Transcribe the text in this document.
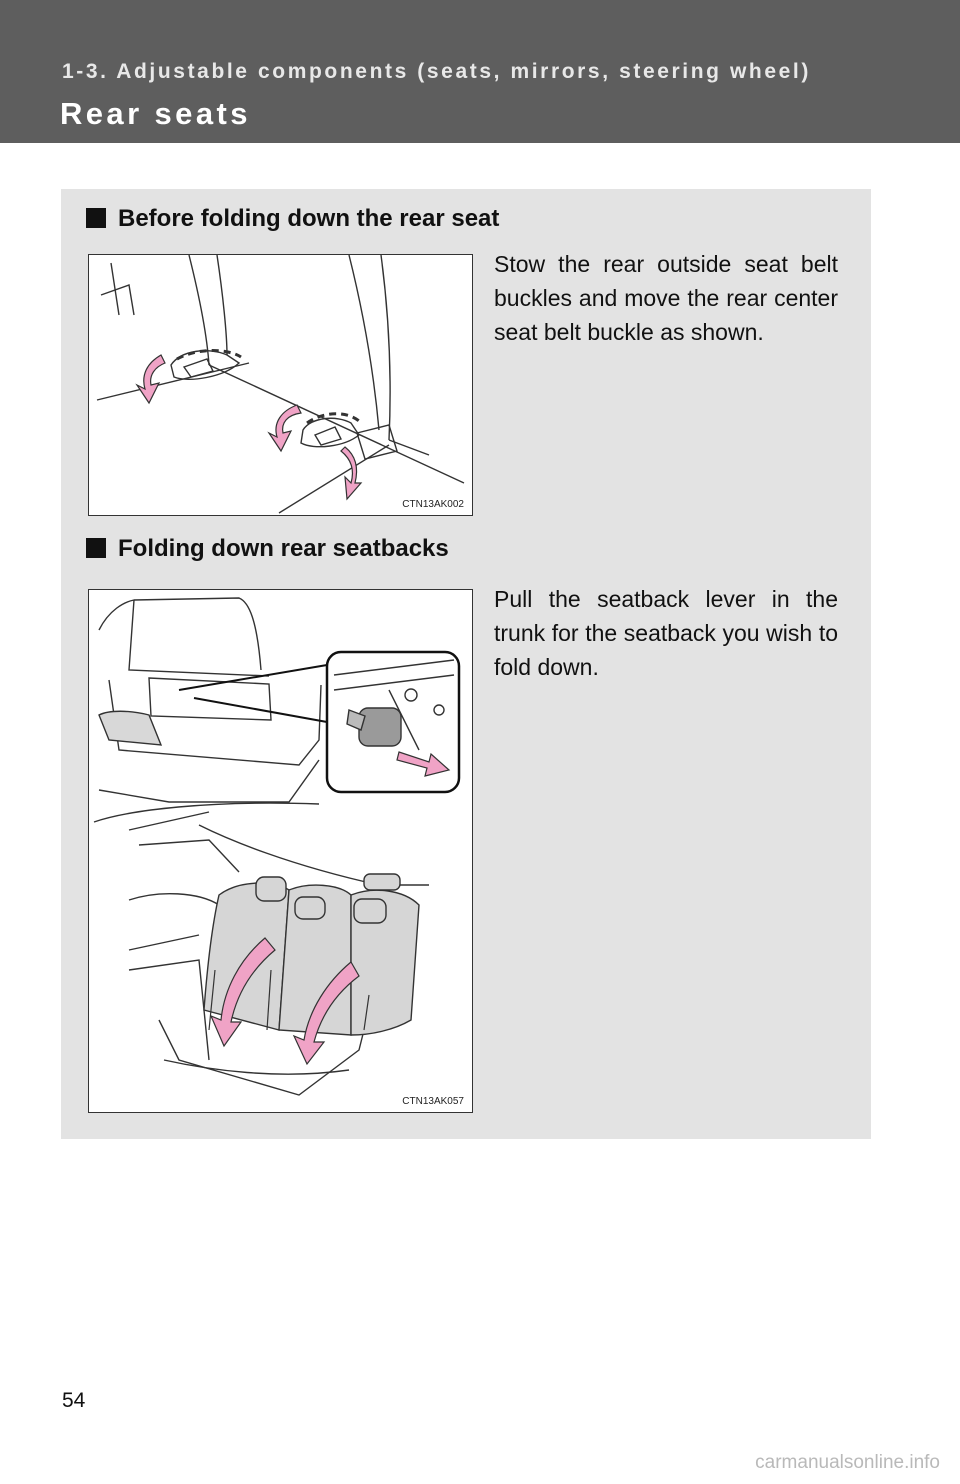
1-3. Adjustable components (seats, mirrors, steering wheel)
Rear seats
Before folding down the rear seat
CTN13AK002
Stow the rear outside seat belt buckles and move the rear center seat belt buckle as shown.
Folding down rear seatbacks
CTN13AK057
Pull the seatback lever in the trunk for the seatback you wish to fold down.
54
carmanualsonline.info
